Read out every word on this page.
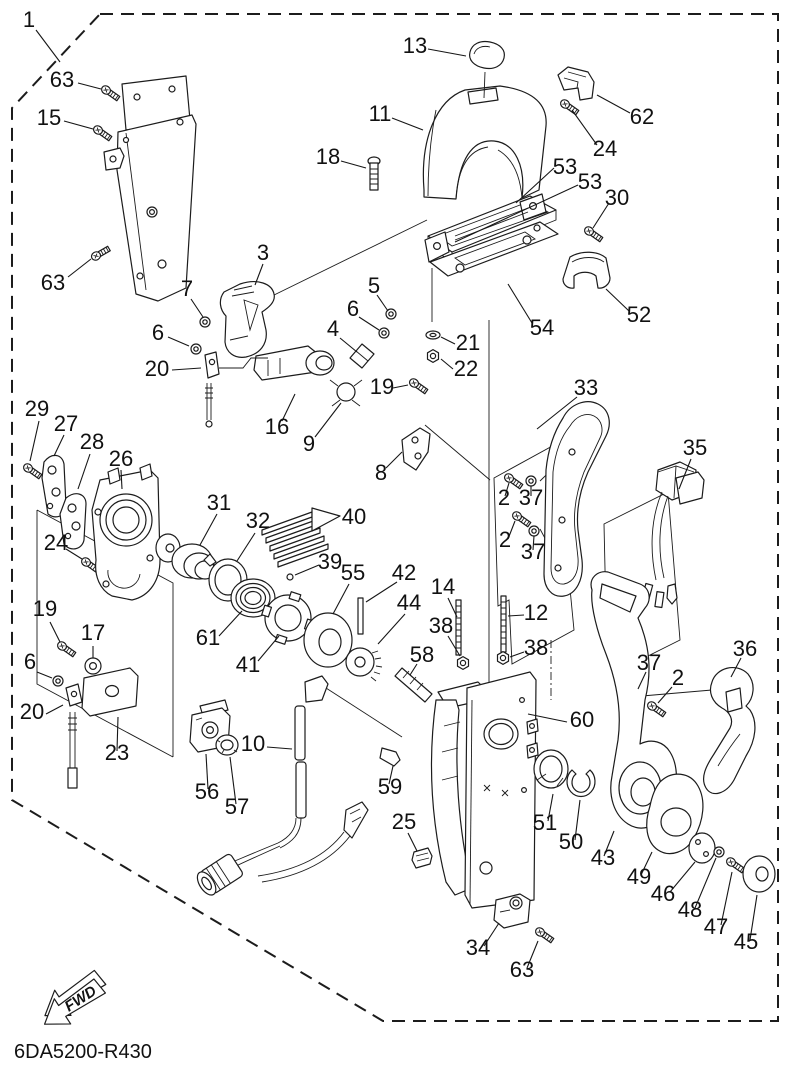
FWD
6DA5200-R430
1
63
15
63	7
3
18
11
13
62
24
53
53
30
52
54
21
22
5
6
4
6
20
16
9
19
8
29
27
28
26
24
31
32	40
39
55
61
41
42
14
44
38
12
38
58
60
33
2 37
2 37
35
36
37
2
19
17
6
20
23
56
57
10
59
25
34
63
43
49
46
48
47
45
51
50
